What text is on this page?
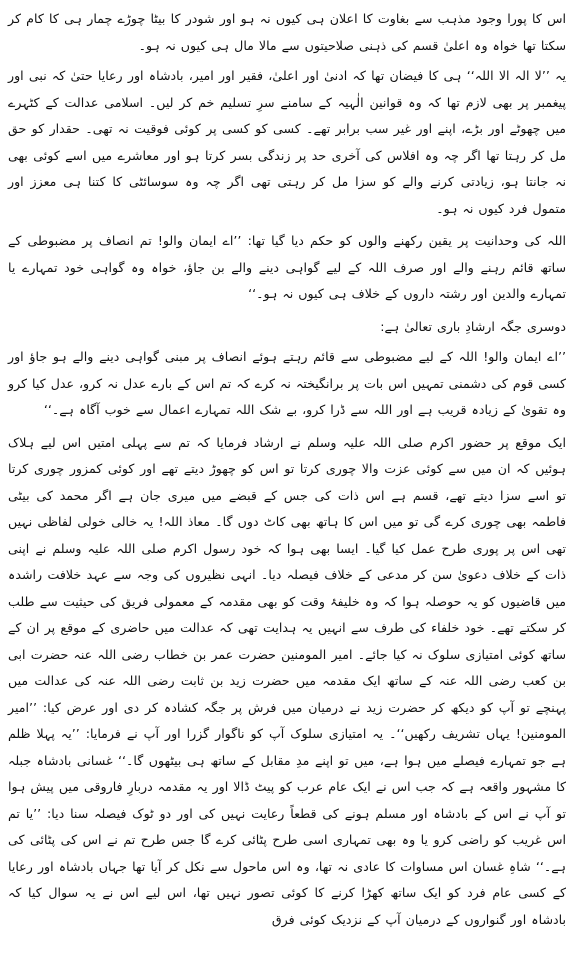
اس کا پورا وجود مذہب سے بغاوت کا اعلان ہی کیوں نہ ہو اور شودر کا بیٹا چوڑے چمار ہی کا کام کر سکتا تھا خواہ وہ اعلیٰ قسم کی ذہنی صلاحیتوں سے مالا مال ہی کیوں نہ ہو۔

یہ ’’لا الہ الا اللہ‘‘ ہی کا فیضان تھا کہ ادنیٰ اور اعلیٰ، فقیر اور امیر، بادشاہ اور رعایا حتیٰ کہ نبی اور پیغمبر پر بھی لازم تھا کہ وہ قوانین الٰہیہ کے سامنے سرِ تسلیم خم کر لیں۔ اسلامی عدالت کے کٹہرے میں چھوٹے اور بڑے، اپنے اور غیر سب برابر تھے۔ کسی کو کسی پر کوئی فوقیت نہ تھی۔ حقدار کو حق مل کر رہتا تھا اگر چہ وہ افلاس کی آخری حد پر زندگی بسر کرتا ہو اور معاشرے میں اسے کوئی بھی نہ جانتا ہو، زیادتی کرنے والے کو سزا مل کر رہتی تھی اگر چہ وہ سوسائٹی کا کتنا ہی معزز اور متمول فرد کیوں نہ ہو۔

اللہ کی وحدانیت پر یقین رکھنے والوں کو حکم دیا گیا تھا: ’’اے ایمان والو! تم انصاف پر مضبوطی کے ساتھ قائم رہنے والے اور صرف اللہ کے لیے گواہی دینے والے بن جاؤ، خواہ وہ گواہی خود تمہارے یا تمہارے والدین اور رشتہ داروں کے خلاف ہی کیوں نہ ہو۔‘‘

دوسری جگہ ارشادِ باری تعالیٰ ہے:

’’اے ایمان والو! اللہ کے لیے مضبوطی سے قائم رہتے ہوئے انصاف پر مبنی گواہی دینے والے ہو جاؤ اور کسی قوم کی دشمنی تمہیں اس بات پر برانگیختہ نہ کرے کہ تم اس کے بارے عدل نہ کرو، عدل کیا کرو وہ تقویٰ کے زیادہ قریب ہے اور اللہ سے ڈرا کرو، بے شک اللہ تمہارے اعمال سے خوب آگاہ ہے۔‘‘

ایک موقع پر حضور اکرم صلی اللہ علیہ وسلم نے ارشاد فرمایا کہ تم سے پہلی امتیں اس لیے ہلاک ہوئیں کہ ان میں سے کوئی عزت والا چوری کرتا تو اس کو چھوڑ دیتے تھے اور کوئی کمزور چوری کرتا تو اسے سزا دیتے تھے، قسم ہے اس ذات کی جس کے قبضے میں میری جان ہے اگر محمد کی بیٹی فاطمہ بھی چوری کرے گی تو میں اس کا ہاتھ بھی کاٹ دوں گا۔ معاذ اللہ! یہ خالی خولی لفاظی نہیں تھی اس پر پوری طرح عمل کیا گیا۔ ایسا بھی ہوا کہ خود رسول اکرم صلی اللہ علیہ وسلم نے اپنی ذات کے خلاف دعویٰ سن کر مدعی کے خلاف فیصلہ دیا۔ انہی نظیروں کی وجہ سے عہد خلافت راشدہ میں قاضیوں کو یہ حوصلہ ہوا کہ وہ خلیفۂ وقت کو بھی مقدمہ کے معمولی فریق کی حیثیت سے طلب کر سکتے تھے۔ خود خلفاء کی طرف سے انہیں یہ ہدایت تھی کہ عدالت میں حاضری کے موقع پر ان کے ساتھ کوئی امتیازی سلوک نہ کیا جائے۔ امیر المومنین حضرت عمر بن خطاب رضی اللہ عنہ حضرت ابی بن کعب رضی اللہ عنہ کے ساتھ ایک مقدمہ میں حضرت زید بن ثابت رضی اللہ عنہ کی عدالت میں پہنچے تو آپ کو دیکھ کر حضرت زید نے درمیان میں فرش پر جگہ کشادہ کر دی اور عرض کیا: ’’امیر المومنین! یہاں تشریف رکھیں‘‘۔ یہ امتیازی سلوک آپ کو ناگوار گزرا اور آپ نے فرمایا: ’’یہ پہلا ظلم ہے جو تمہارے فیصلے میں ہوا ہے، میں تو اپنے مدِ مقابل کے ساتھ ہی بیٹھوں گا۔‘‘ غسانی بادشاہ جبلہ کا مشہور واقعہ ہے کہ جب اس نے ایک عام عرب کو پیٹ ڈالا اور یہ مقدمہ دربارِ فاروقی میں پیش ہوا تو آپ نے اس کے بادشاہ اور مسلم ہونے کی قطعاً رعایت نہیں کی اور دو ٹوک فیصلہ سنا دیا: ’’یا تم اس غریب کو راضی کرو یا وہ بھی تمہاری اسی طرح پٹائی کرے گا جس طرح تم نے اس کی پٹائی کی ہے۔‘‘ شاہِ غسان اس مساوات کا عادی نہ تھا، وہ اس ماحول سے نکل کر آیا تھا جہاں بادشاہ اور رعایا کے کسی عام فرد کو ایک ساتھ کھڑا کرنے کا کوئی تصور نہیں تھا، اس لیے اس نے یہ سوال کیا کہ بادشاہ اور گنواروں کے درمیان آپ کے نزدیک کوئی فرق
